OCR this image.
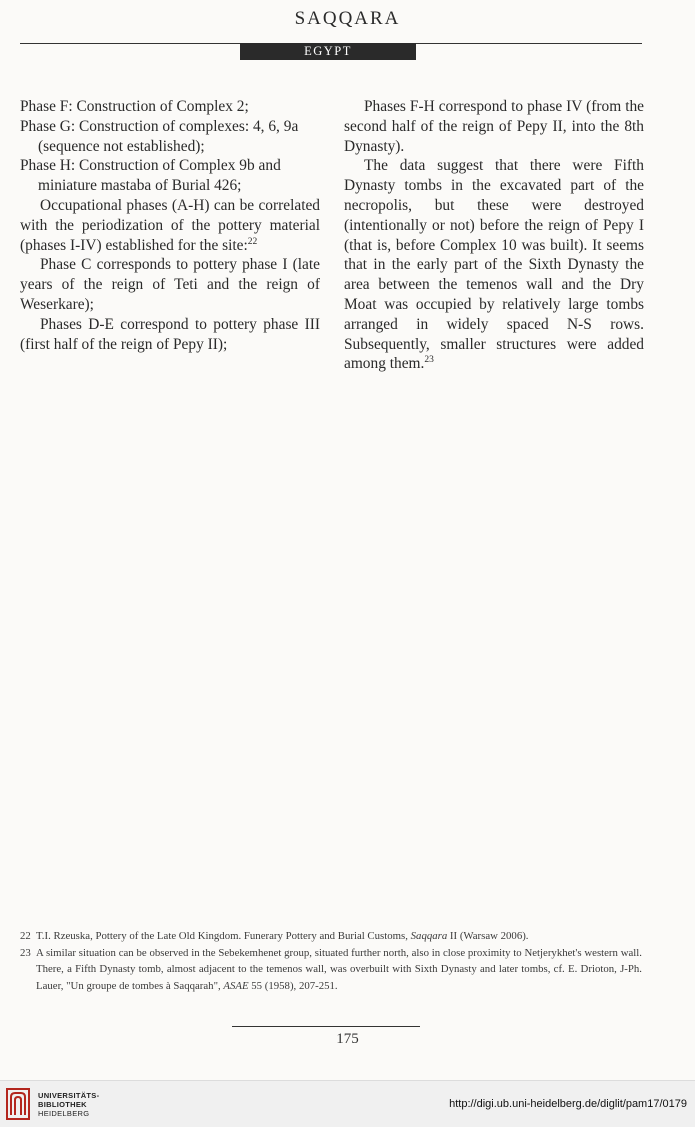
SAQQARA
EGYPT

Phase F: Construction of Complex 2;

Phase G: Construction of complexes: 4, 6, 9a (sequence not established);

Phase H: Construction of Complex 9b and miniature mastaba of Burial 426;

Occupational phases (A-H) can be correlated with the periodization of the pottery material (phases I-IV) established for the site:$^{22}$

Phase C corresponds to pottery phase I (late years of the reign of Teti and the reign of Weserkare);

Phases D-E correspond to pottery phase III (first half of the reign of Pepy II);

Phases F-H correspond to phase IV (from the second half of the reign of Pepy II, into the 8th Dynasty).

The data suggest that there were Fifth Dynasty tombs in the excavated part of the necropolis, but these were destroyed (intentionally or not) before the reign of Pepy I (that is, before Complex 10 was built). It seems that in the early part of the Sixth Dynasty the area between the temenos wall and the Dry Moat was occupied by relatively large tombs arranged in widely spaced N-S rows. Subsequently, smaller structures were added among them.$^{23}$

22 T.I. Rzeuska, Pottery of the Late Old Kingdom. Funerary Pottery and Burial Customs, Saqqara II (Warsaw 2006).
23 A similar situation can be observed in the Sebekemhenet group, situated further north, also in close proximity to Netjerykhet's western wall. There, a Fifth Dynasty tomb, almost adjacent to the temenos wall, was overbuilt with Sixth Dynasty and later tombs, cf. E. Drioton, J-Ph. Lauer, "Un groupe de tombes à Saqqarah", ASAE 55 (1958), 207-251.
175
UNIVERSITÄTS-
BIBLIOTHEK
HEIDELBERG
http://digi.ub.uni-heidelberg.de/diglit/pam17/0179
